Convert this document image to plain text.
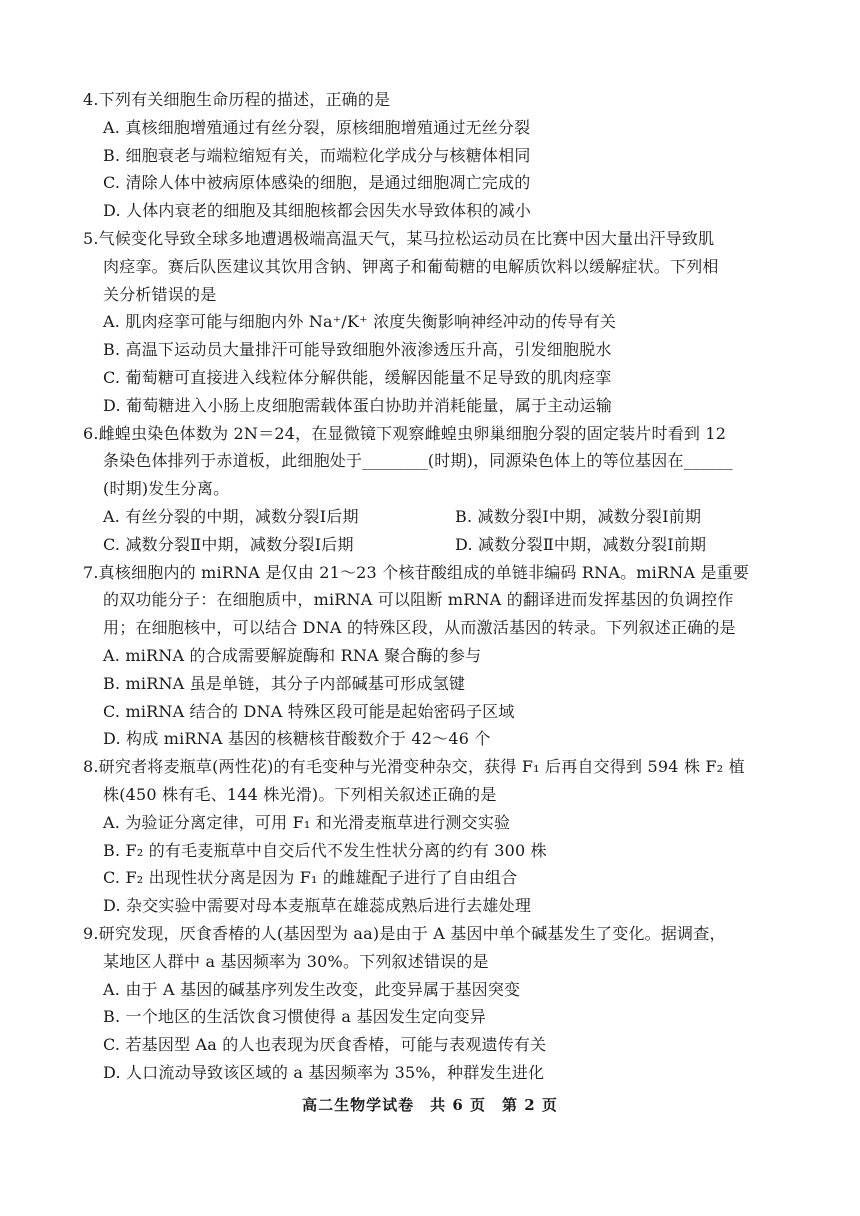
4.下列有关细胞生命历程的描述，正确的是
A. 真核细胞增殖通过有丝分裂，原核细胞增殖通过无丝分裂
B. 细胞衰老与端粒缩短有关，而端粒化学成分与核糖体相同
C. 清除人体中被病原体感染的细胞，是通过细胞凋亡完成的
D. 人体内衰老的细胞及其细胞核都会因失水导致体积的减小
5.气候变化导致全球多地遭遇极端高温天气，某马拉松运动员在比赛中因大量出汗导致肌
肉痉挛。赛后队医建议其饮用含钠、钾离子和葡萄糖的电解质饮料以缓解症状。下列相
关分析错误的是
A. 肌肉痉挛可能与细胞内外 Na⁺/K⁺ 浓度失衡影响神经冲动的传导有关
B. 高温下运动员大量排汗可能导致细胞外液渗透压升高，引发细胞脱水
C. 葡萄糖可直接进入线粒体分解供能，缓解因能量不足导致的肌肉痉挛
D. 葡萄糖进入小肠上皮细胞需载体蛋白协助并消耗能量，属于主动运输
6.雌蝗虫染色体数为 2N＝24，在显微镜下观察雌蝗虫卵巢细胞分裂的固定装片时看到 12
条染色体排列于赤道板，此细胞处于________(时期)，同源染色体上的等位基因在______
(时期)发生分离。
A. 有丝分裂的中期，减数分裂Ⅰ后期	B. 减数分裂Ⅰ中期，减数分裂Ⅰ前期
C. 减数分裂Ⅱ中期，减数分裂Ⅰ后期	D. 减数分裂Ⅱ中期，减数分裂Ⅰ前期
7.真核细胞内的 miRNA 是仅由 21～23 个核苷酸组成的单链非编码 RNA。miRNA 是重要
的双功能分子：在细胞质中，miRNA 可以阻断 mRNA 的翻译进而发挥基因的负调控作
用；在细胞核中，可以结合 DNA 的特殊区段，从而激活基因的转录。下列叙述正确的是
A. miRNA 的合成需要解旋酶和 RNA 聚合酶的参与
B. miRNA 虽是单链，其分子内部碱基可形成氢键
C. miRNA 结合的 DNA 特殊区段可能是起始密码子区域
D. 构成 miRNA 基因的核糖核苷酸数介于 42～46 个
8.研究者将麦瓶草(两性花)的有毛变种与光滑变种杂交，获得 F₁ 后再自交得到 594 株 F₂ 植
株(450 株有毛、144 株光滑)。下列相关叙述正确的是
A. 为验证分离定律，可用 F₁ 和光滑麦瓶草进行测交实验
B. F₂ 的有毛麦瓶草中自交后代不发生性状分离的约有 300 株
C. F₂ 出现性状分离是因为 F₁ 的雌雄配子进行了自由组合
D. 杂交实验中需要对母本麦瓶草在雄蕊成熟后进行去雄处理
9.研究发现，厌食香椿的人(基因型为 aa)是由于 A 基因中单个碱基发生了变化。据调查，
某地区人群中 a 基因频率为 30%。下列叙述错误的是
A. 由于 A 基因的碱基序列发生改变，此变异属于基因突变
B. 一个地区的生活饮食习惯使得 a 基因发生定向变异
C. 若基因型 Aa 的人也表现为厌食香椿，可能与表观遗传有关
D. 人口流动导致该区域的 a 基因频率为 35%，种群发生进化
高二生物学试卷　共 6 页　第 2 页
